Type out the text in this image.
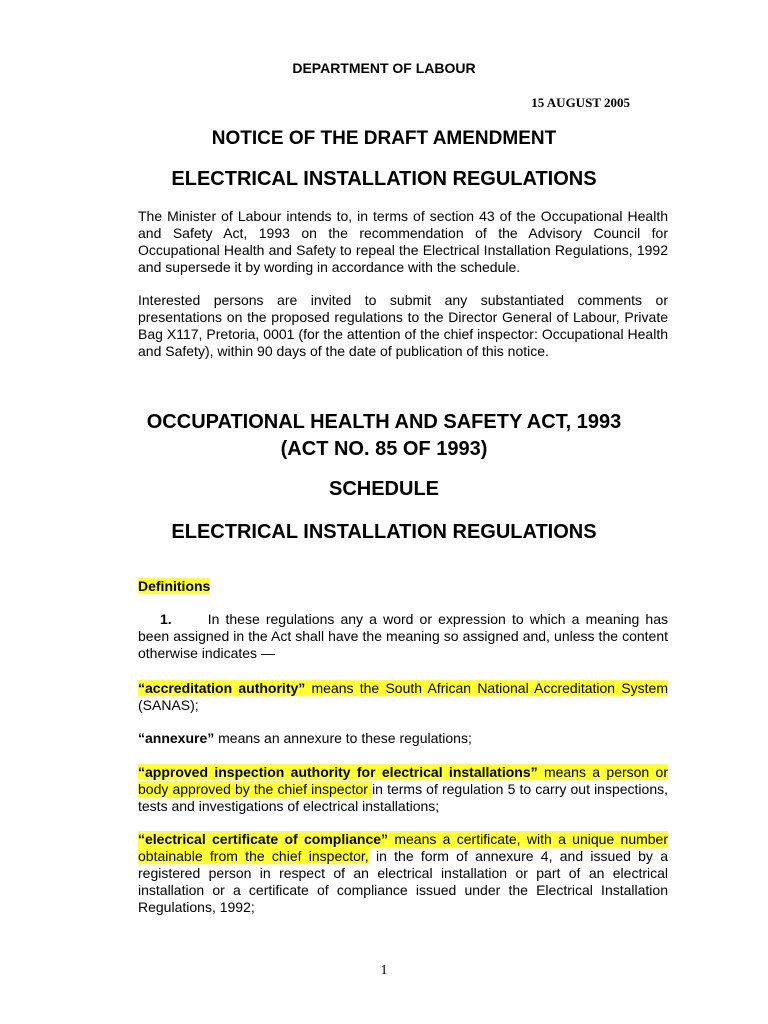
DEPARTMENT OF LABOUR
15 AUGUST 2005
NOTICE OF THE DRAFT AMENDMENT
ELECTRICAL INSTALLATION REGULATIONS
The Minister of Labour intends to, in terms of section 43 of the Occupational Health and Safety Act, 1993 on the recommendation of the Advisory Council for Occupational Health and Safety to repeal the Electrical Installation Regulations, 1992 and supersede it by wording in accordance with the schedule.
Interested persons are invited to submit any substantiated comments or presentations on the proposed regulations to the Director General of Labour, Private Bag X117, Pretoria, 0001 (for the attention of the chief inspector: Occupational Health and Safety), within 90 days of the date of publication of this notice.
OCCUPATIONAL HEALTH AND SAFETY ACT, 1993
(ACT NO. 85 OF 1993)
SCHEDULE
ELECTRICAL INSTALLATION REGULATIONS
Definitions
1.	In these regulations any a word or expression to which a meaning has been assigned in the Act shall have the meaning so assigned and, unless the content otherwise indicates —
“accreditation authority” means the South African National Accreditation System (SANAS);
“annexure” means an annexure to these regulations;
“approved inspection authority for electrical installations” means a person or body approved by the chief inspector in terms of regulation 5 to carry out inspections, tests and investigations of electrical installations;
“electrical certificate of compliance” means a certificate, with a unique number obtainable from the chief inspector, in the form of annexure 4, and issued by a registered person in respect of an electrical installation or part of an electrical installation or a certificate of compliance issued under the Electrical Installation Regulations, 1992;
1
